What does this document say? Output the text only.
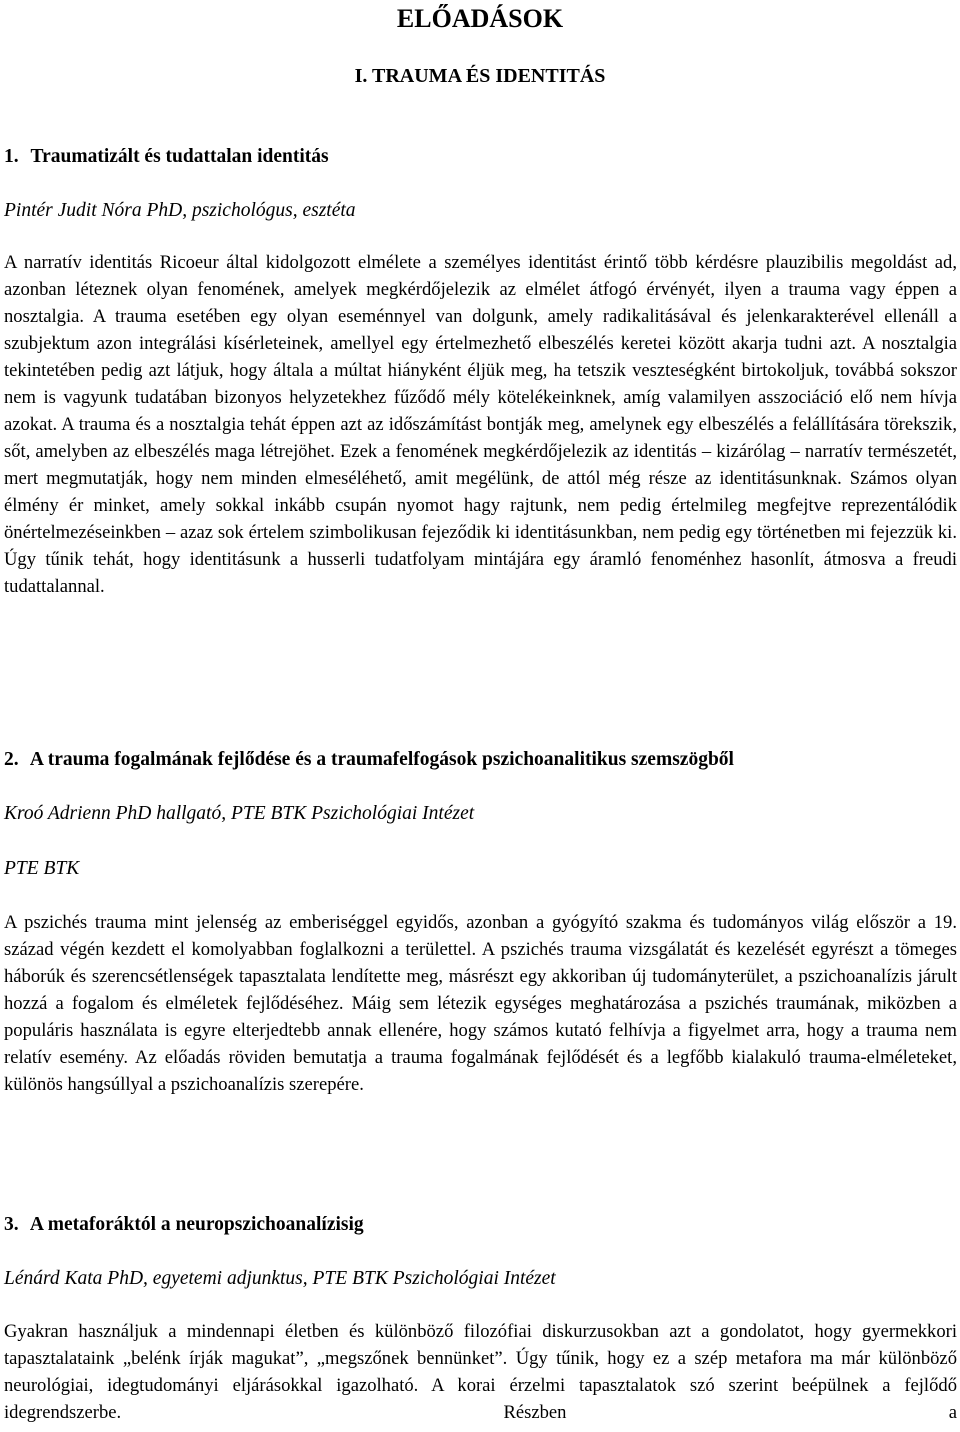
ELŐADÁSOK
I. TRAUMA ÉS IDENTITÁS
1. Traumatizált és tudattalan identitás

Pintér Judit Nóra PhD, pszichológus, esztéta

A narratív identitás Ricoeur által kidolgozott elmélete a személyes identitást érintő több kérdésre plauzibilis megoldást ad, azonban léteznek olyan fenomének, amelyek megkérdőjelezik az elmélet átfogó érvényét, ilyen a trauma vagy éppen a nosztalgia. A trauma esetében egy olyan eseménnyel van dolgunk, amely radikalitásával és jelenkarakterével ellenáll a szubjektum azon integrálási kísérleteinek, amellyel egy értelmezhető elbeszélés keretei között akarja tudni azt. A nosztalgia tekintetében pedig azt látjuk, hogy általa a múltat hiányként éljük meg, ha tetszik veszteségként birtokoljuk, továbbá sokszor nem is vagyunk tudatában bizonyos helyzetekhez fűződő mély kötelékeinknek, amíg valamilyen asszociáció elő nem hívja azokat. A trauma és a nosztalgia tehát éppen azt az időszámítást bontják meg, amelynek egy elbeszélés a felállítására törekszik, sőt, amelyben az elbeszélés maga létrejöhet. Ezek a fenomének megkérdőjelezik az identitás – kizárólag – narratív természetét, mert megmutatják, hogy nem minden elmeséléhető, amit megélünk, de attól még része az identitásunknak. Számos olyan élmény ér minket, amely sokkal inkább csupán nyomot hagy rajtunk, nem pedig értelmileg megfejtve reprezentálódik önértelmezéseinkben – azaz sok értelem szimbolikusan fejeződik ki identitásunkban, nem pedig egy történetben mi fejezzük ki. Úgy tűnik tehát, hogy identitásunk a husserli tudatfolyam mintájára egy áramló fenoménhez hasonlít, átmosva a freudi tudattalannal.

2. A trauma fogalmának fejlődése és a traumafelfogások pszichoanalitikus szemszögből

Kroó Adrienn PhD hallgató, PTE BTK Pszichológiai Intézet

PTE BTK

A pszichés trauma mint jelenség az emberiséggel egyidős, azonban a gyógyító szakma és tudományos világ először a 19. század végén kezdett el komolyabban foglalkozni a területtel. A pszichés trauma vizsgálatát és kezelését egyrészt a tömeges háborúk és szerencsétlenségek tapasztalata lendítette meg, másrészt egy akkoriban új tudományterület, a pszichoanalízis járult hozzá a fogalom és elméletek fejlődéséhez. Máig sem létezik egységes meghatározása a pszichés traumának, miközben a populáris használata is egyre elterjedtebb annak ellenére, hogy számos kutató felhívja a figyelmet arra, hogy a trauma nem relatív esemény. Az előadás röviden bemutatja a trauma fogalmának fejlődését és a legfőbb kialakuló trauma-elméleteket, különös hangsúllyal a pszichoanalízis szerepére.

3. A metaforáktól a neuropszichoanalízisig

Lénárd Kata PhD, egyetemi adjunktus, PTE BTK Pszichológiai Intézet

Gyakran használjuk a mindennapi életben és különböző filozófiai diskurzusokban azt a gondolatot, hogy gyermekkori tapasztalataink „belénk írják magukat”, „megszőnek bennünket”. Úgy tűnik, hogy ez a szép metafora ma már különböző neurológiai, idegtudományi eljárásokkal igazolható. A korai érzelmi tapasztalatok szó szerint beépülnek a fejlődő idegrendszerbe. Részben a
